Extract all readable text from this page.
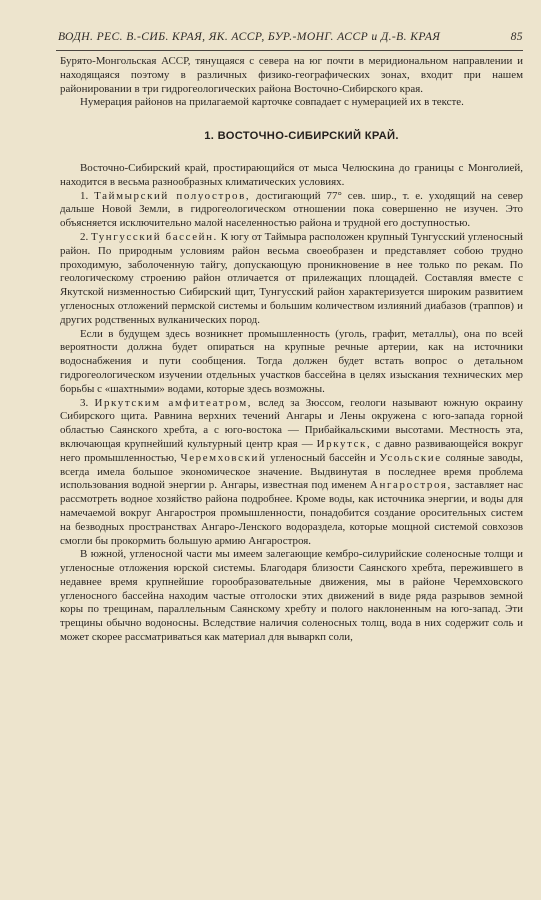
ВОДН. РЕС. В.-СИБ. КРАЯ, ЯК. АССР, БУР.-МОНГ. АССР и Д.-В. КРАЯ	85

Бурято-Монгольская АССР, тянущаяся с севера на юг почти в меридиональном направлении и находящаяся поэтому в различных физико-географических зонах, входит при нашем районировании в три гидрогеологических района Восточно-Сибирского края.

Нумерация районов на прилагаемой карточке совпадает с нумерацией их в тексте.

1. ВОСТОЧНО-СИБИРСКИЙ КРАЙ.

Восточно-Сибирский край, простирающийся от мыса Челюскина до границы с Монголией, находится в весьма разнообразных климатических условиях.

1. Таймырский полуостров, достигающий 77° сев. шир., т. е. уходящий на север дальше Новой Земли, в гидрогеологическом отношении пока совершенно не изучен. Это объясняется исключительно малой населенностью района и трудной его доступностью.

2. Тунгусский бассейн. К югу от Таймыра расположен крупный Тунгусский угленосный район. По природным условиям район весьма своеобразен и представляет собою трудно проходимую, заболоченную тайгу, допускающую проникновение в нее только по рекам. По геологическому строению район отличается от прилежащих площадей. Составляя вместе с Якутской низменностью Сибирский щит, Тунгусский район характеризуется широким развитием угленосных отложений пермской системы и большим количеством излияний диабазов (траппов) и других родственных вулканических пород.

Если в будущем здесь возникнет промышленность (уголь, графит, металлы), она по всей вероятности должна будет опираться на крупные речные артерии, как на источники водоснабжения и пути сообщения. Тогда должен будет встать вопрос о детальном гидрогеологическом изучении отдельных участков бассейна в целях изыскания технических мер борьбы с «шахтными» водами, которые здесь возможны.

3. Иркутским амфитеатром, вслед за Зюссом, геологи называют южную окраину Сибирского щита. Равнина верхних течений Ангары и Лены окружена с юго-запада горной областью Саянского хребта, а с юго-востока — Прибайкальскими высотами. Местность эта, включающая крупнейший культурный центр края — Иркутск, с давно развивающейся вокруг него промышленностью, Черемховский угленосный бассейн и Усольские соляные заводы, всегда имела большое экономическое значение. Выдвинутая в последнее время проблема использования водной энергии р. Ангары, известная под именем Ангаростроя, заставляет нас рассмотреть водное хозяйство района подробнее. Кроме воды, как источника энергии, и воды для намечаемой вокруг Ангаростроя промышленности, понадобится создание оросительных систем на безводных пространствах Ангаро-Ленского водораздела, которые мощной системой совхозов смогли бы прокормить большую армию Ангаростроя.

В южной, угленосной части мы имеем залегающие кембро-силурийские соленосные толщи и угленосные отложения юрской системы. Благодаря близости Саянского хребта, пережившего в недавнее время крупнейшие горообразовательные движения, мы в районе Черемховского угленосного бассейна находим частые отголоски этих движений в виде ряда разрывов земной коры по трещинам, параллельным Саянскому хребту и полого наклоненным на юго-запад. Эти трещины обычно водоносны. Вследствие наличия соленосных толщ, вода в них содержит соль и может скорее рассматриваться как материал для вываркп соли,
